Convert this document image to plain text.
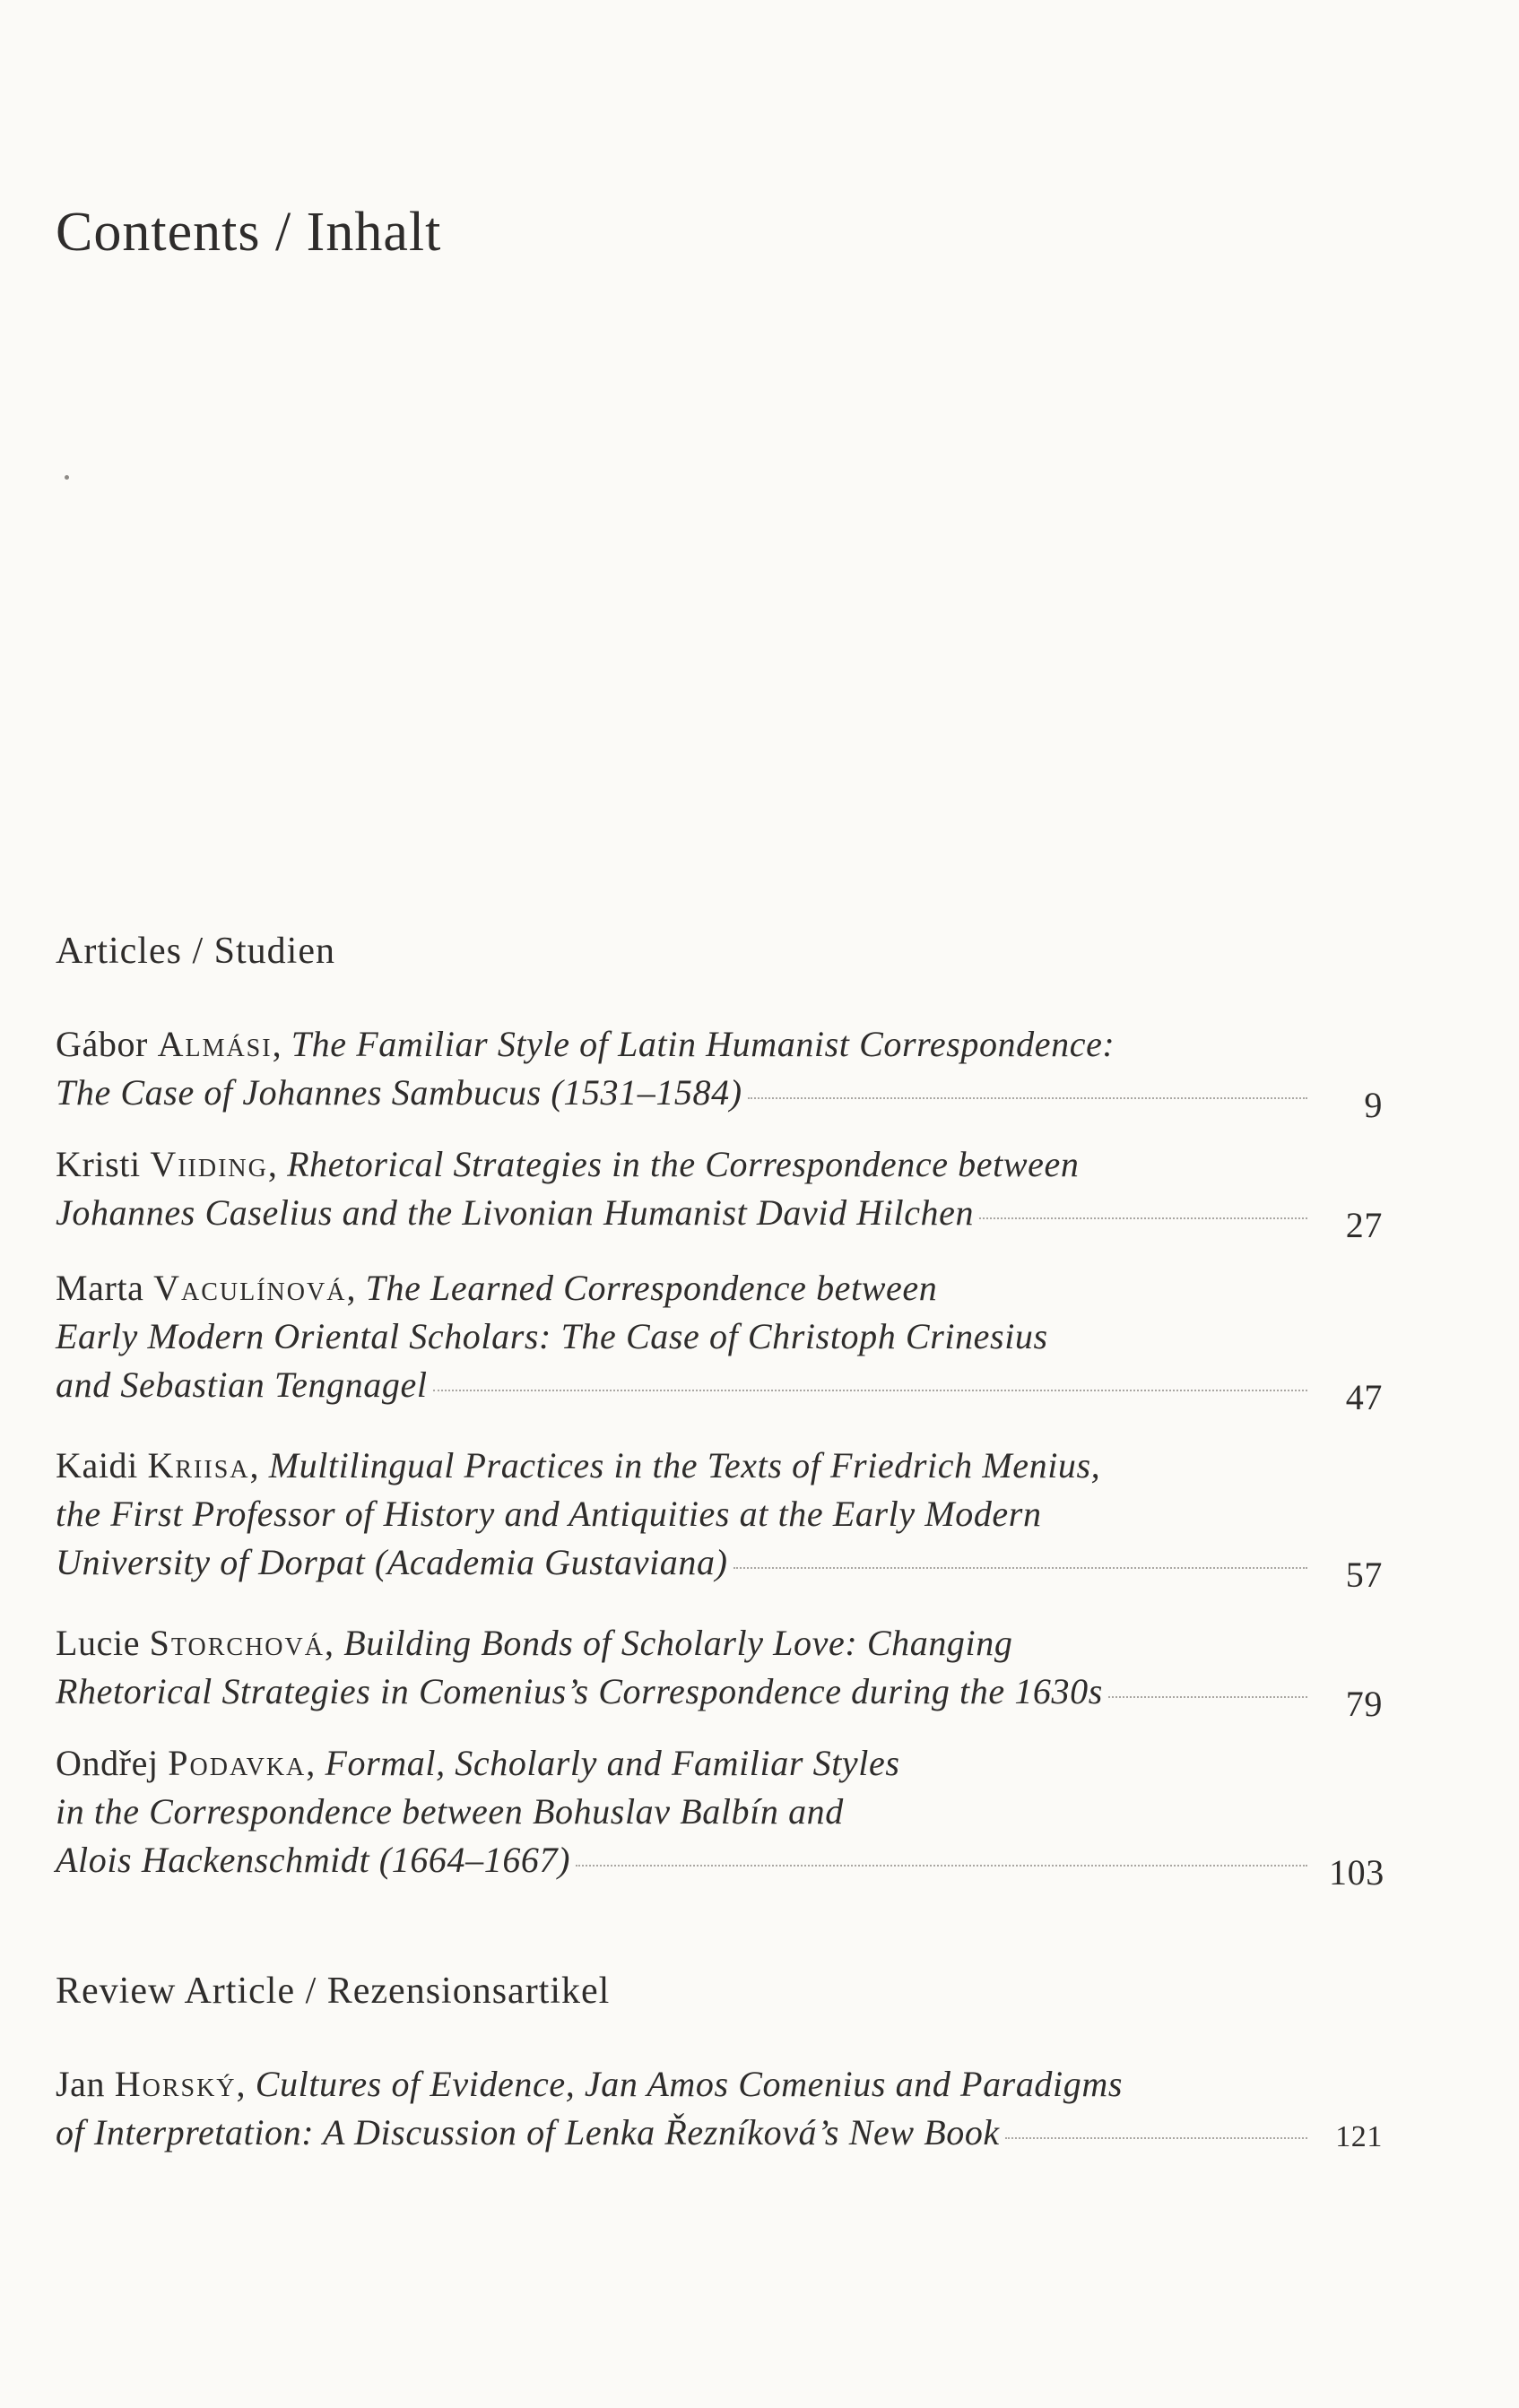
Contents / Inhalt
Articles / Studien
Gábor Almási, The Familiar Style of Latin Humanist Correspondence:
The Case of Johannes Sambucus (1531–1584)	9
Kristi Viiding, Rhetorical Strategies in the Correspondence between
Johannes Caselius and the Livonian Humanist David Hilchen	27
Marta Vaculínová, The Learned Correspondence between
Early Modern Oriental Scholars: The Case of Christoph Crinesius
and Sebastian Tengnagel	47
Kaidi Kriisa, Multilingual Practices in the Texts of Friedrich Menius,
the First Professor of History and Antiquities at the Early Modern
University of Dorpat (Academia Gustaviana)	57
Lucie Storchová, Building Bonds of Scholarly Love: Changing
Rhetorical Strategies in Comenius’s Correspondence during the 1630s	79
Ondřej Podavka, Formal, Scholarly and Familiar Styles
in the Correspondence between Bohuslav Balbín and
Alois Hackenschmidt (1664–1667)	103
Review Article / Rezensionsartikel
Jan Horský, Cultures of Evidence, Jan Amos Comenius and Paradigms
of Interpretation: A Discussion of Lenka Řezníková’s New Book	121
